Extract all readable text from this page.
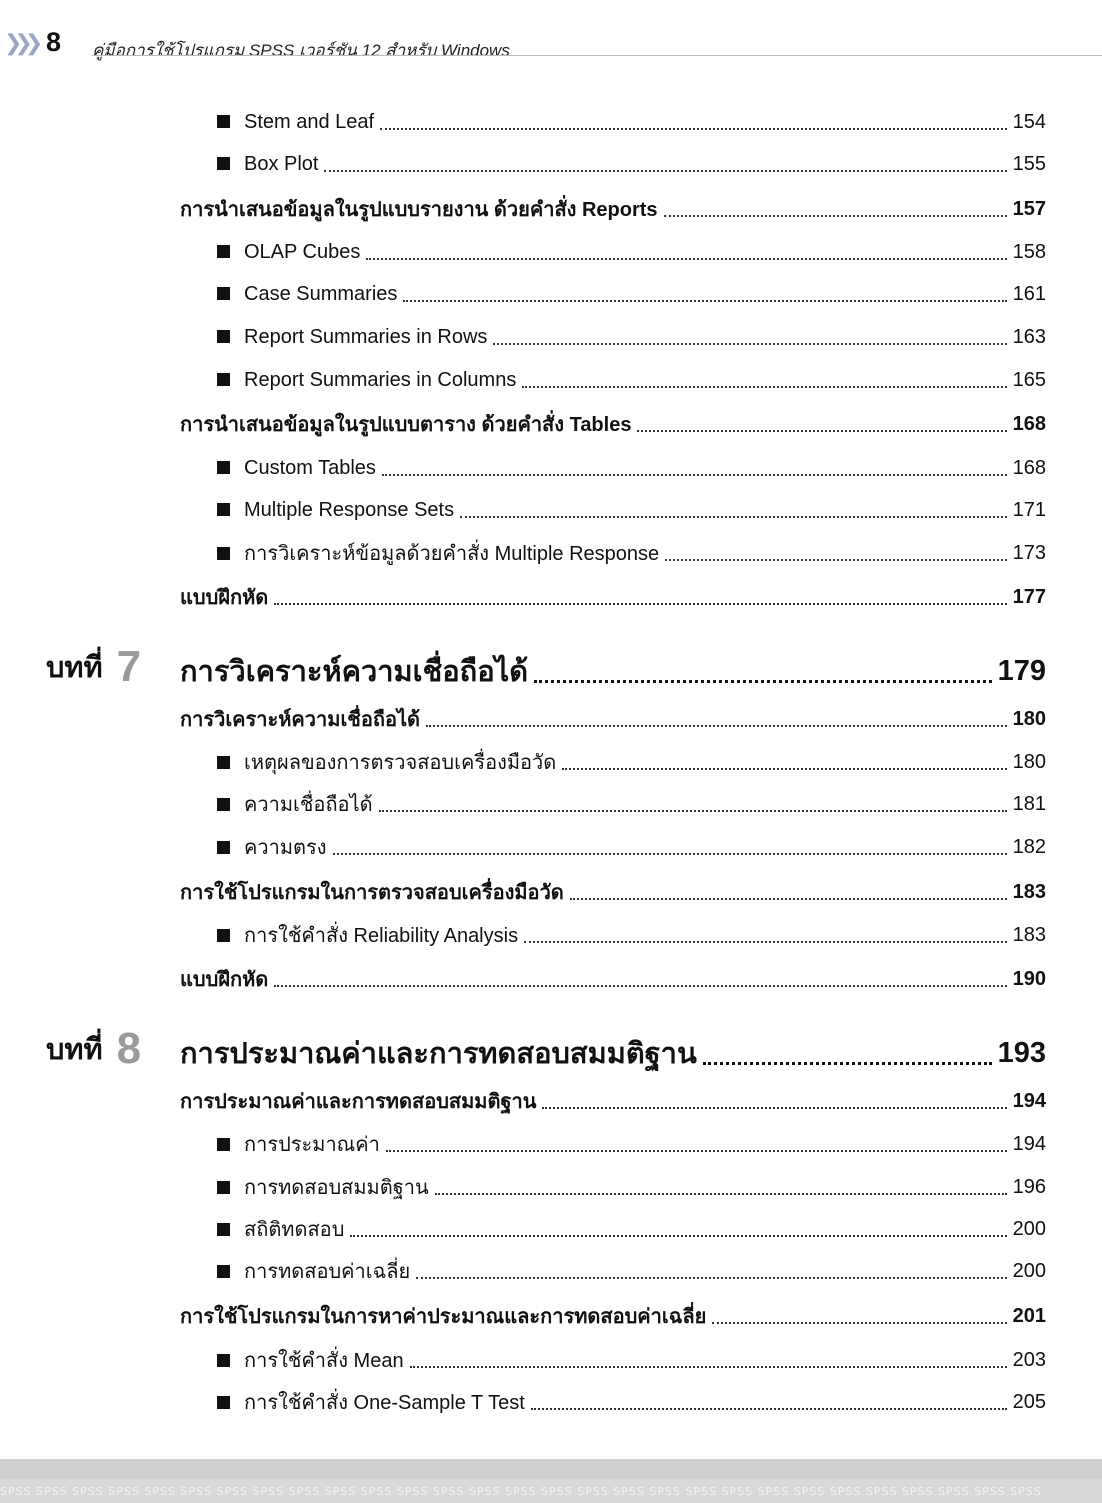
❯❯❯ 8 คู่มือการใช้โปรแกรม SPSS เวอร์ชัน 12 สำหรับ Windows
Stem and Leaf	154
Box Plot	155
การนำเสนอข้อมูลในรูปแบบรายงาน ด้วยคำสั่ง Reports	157
OLAP Cubes	158
Case Summaries	161
Report Summaries in Rows	163
Report Summaries in Columns	165
การนำเสนอข้อมูลในรูปแบบตาราง ด้วยคำสั่ง Tables	168
Custom Tables	168
Multiple Response Sets	171
การวิเคราะห์ข้อมูลด้วยคำสั่ง Multiple Response	173
แบบฝึกหัด	177
บทที่ 7 การวิเคราะห์ความเชื่อถือได้	179
การวิเคราะห์ความเชื่อถือได้	180
เหตุผลของการตรวจสอบเครื่องมือวัด	180
ความเชื่อถือได้	181
ความตรง	182
การใช้โปรแกรมในการตรวจสอบเครื่องมือวัด	183
การใช้คำสั่ง Reliability Analysis	183
แบบฝึกหัด	190
บทที่ 8 การประมาณค่าและการทดสอบสมมติฐาน	193
การประมาณค่าและการทดสอบสมมติฐาน	194
การประมาณค่า	194
การทดสอบสมมติฐาน	196
สถิติทดสอบ	200
การทดสอบค่าเฉลี่ย	200
การใช้โปรแกรมในการหาค่าประมาณและการทดสอบค่าเฉลี่ย	201
การใช้คำสั่ง Mean	203
การใช้คำสั่ง One-Sample T Test	205
SPSS SPSS SPSS SPSS SPSS SPSS SPSS SPSS SPSS SPSS SPSS SPSS SPSS SPSS SPSS SPSS SPSS SPSS SPSS SPSS SPSS SPSS SPSS SPSS SPSS SPSS SPSS SPSS SPSS
